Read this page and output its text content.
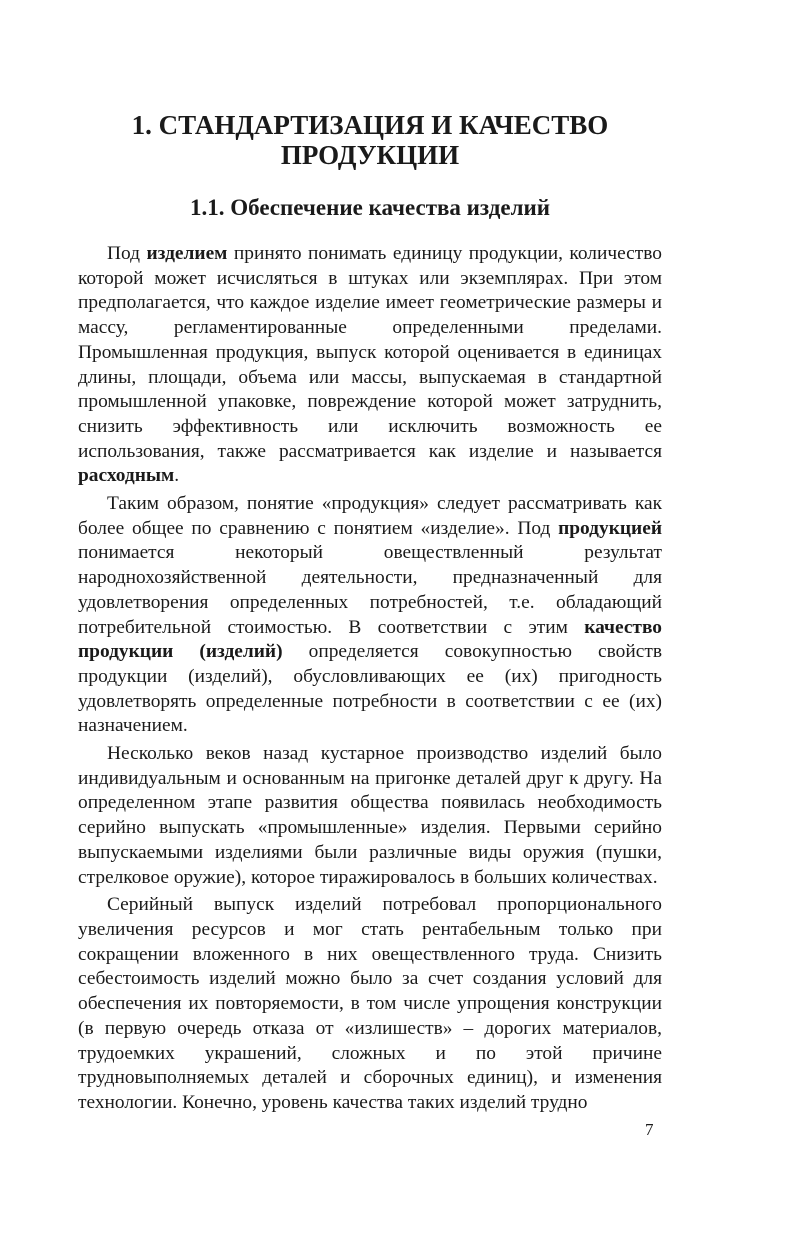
1. СТАНДАРТИЗАЦИЯ И КАЧЕСТВО
ПРОДУКЦИИ
1.1. Обеспечение качества изделий

Под изделием принято понимать единицу продукции, количество которой может исчисляться в штуках или экземплярах. При этом предполагается, что каждое изделие имеет геометрические размеры и массу, регламентированные определенными пределами. Промышленная продукция, выпуск которой оценивается в единицах длины, площади, объема или массы, выпускаемая в стандартной промышленной упаковке, повреждение которой может затруднить, снизить эффективность или исключить возможность ее использования, также рассматривается как изделие и называется расходным.

Таким образом, понятие «продукция» следует рассматривать как более общее по сравнению с понятием «изделие». Под продукцией понимается некоторый овеществленный результат народнохозяйственной деятельности, предназначенный для удовлетворения определенных потребностей, т.е. обладающий потребительной стоимостью. В соответствии с этим качество продукции (изделий) определяется совокупностью свойств продукции (изделий), обусловливающих ее (их) пригодность удовлетворять определенные потребности в соответствии с ее (их) назначением.

Несколько веков назад кустарное производство изделий было индивидуальным и основанным на пригонке деталей друг к другу. На определенном этапе развития общества появилась необходимость серийно выпускать «промышленные» изделия. Первыми серийно выпускаемыми изделиями были различные виды оружия (пушки, стрелковое оружие), которое тиражировалось в больших количествах.

Серийный выпуск изделий потребовал пропорционального увеличения ресурсов и мог стать рентабельным только при сокращении вложенного в них овеществленного труда. Снизить себестоимость изделий можно было за счет создания условий для обеспечения их повторяемости, в том числе упрощения конструкции (в первую очередь отказа от «излишеств» – дорогих материалов, трудоемких украшений, сложных и по этой причине трудновыполняемых деталей и сборочных единиц), и изменения технологии. Конечно, уровень качества таких изделий трудно

7
